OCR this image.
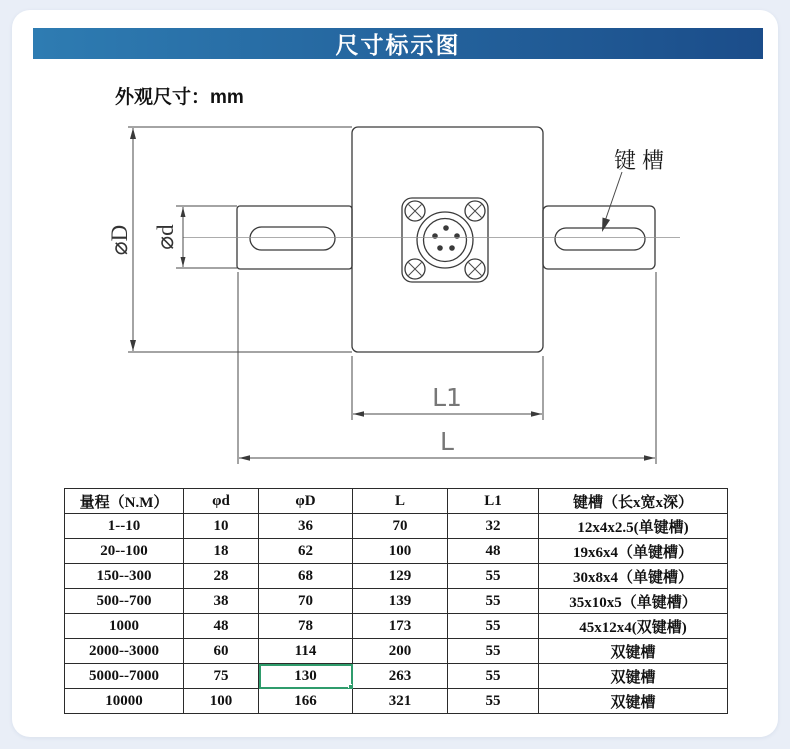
尺寸标示图
外观尺寸：mm
⌀D ⌀d
键槽
L1
L
量程（N.M）	φd	φD	L	L1	键槽（长x宽x深）
1--10	10	36	70	32	12x4x2.5(单键槽)
20--100	18	62	100	48	19x6x4（单键槽）
150--300	28	68	129	55	30x8x4（单键槽）
500--700	38	70	139	55	35x10x5（单键槽）
1000	48	78	173	55	45x12x4(双键槽)
2000--3000	60	114	200	55	双键槽
5000--7000	75	130	263	55	双键槽
10000	100	166	321	55	双键槽
